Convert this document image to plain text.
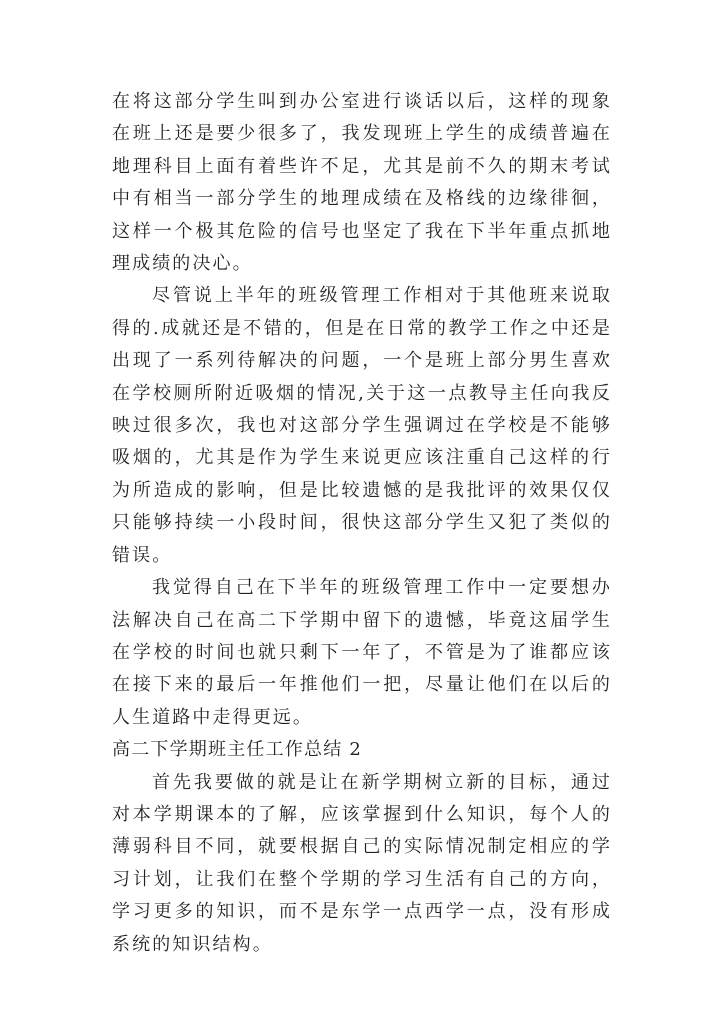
在将这部分学生叫到办公室进行谈话以后，这样的现象在班上还是要少很多了，我发现班上学生的成绩普遍在地理科目上面有着些许不足，尤其是前不久的期末考试中有相当一部分学生的地理成绩在及格线的边缘徘徊，这样一个极其危险的信号也坚定了我在下半年重点抓地理成绩的决心。

尽管说上半年的班级管理工作相对于其他班来说取得的.成就还是不错的，但是在日常的教学工作之中还是出现了一系列待解决的问题，一个是班上部分男生喜欢在学校厕所附近吸烟的情况,关于这一点教导主任向我反映过很多次，我也对这部分学生强调过在学校是不能够吸烟的，尤其是作为学生来说更应该注重自己这样的行为所造成的影响，但是比较遗憾的是我批评的效果仅仅只能够持续一小段时间，很快这部分学生又犯了类似的错误。

我觉得自己在下半年的班级管理工作中一定要想办法解决自己在高二下学期中留下的遗憾，毕竟这届学生在学校的时间也就只剩下一年了，不管是为了谁都应该在接下来的最后一年推他们一把，尽量让他们在以后的人生道路中走得更远。

高二下学期班主任工作总结 2

首先我要做的就是让在新学期树立新的目标，通过对本学期课本的了解，应该掌握到什么知识，每个人的薄弱科目不同，就要根据自己的实际情况制定相应的学习计划，让我们在整个学期的学习生活有自己的方向，学习更多的知识，而不是东学一点西学一点，没有形成系统的知识结构。
